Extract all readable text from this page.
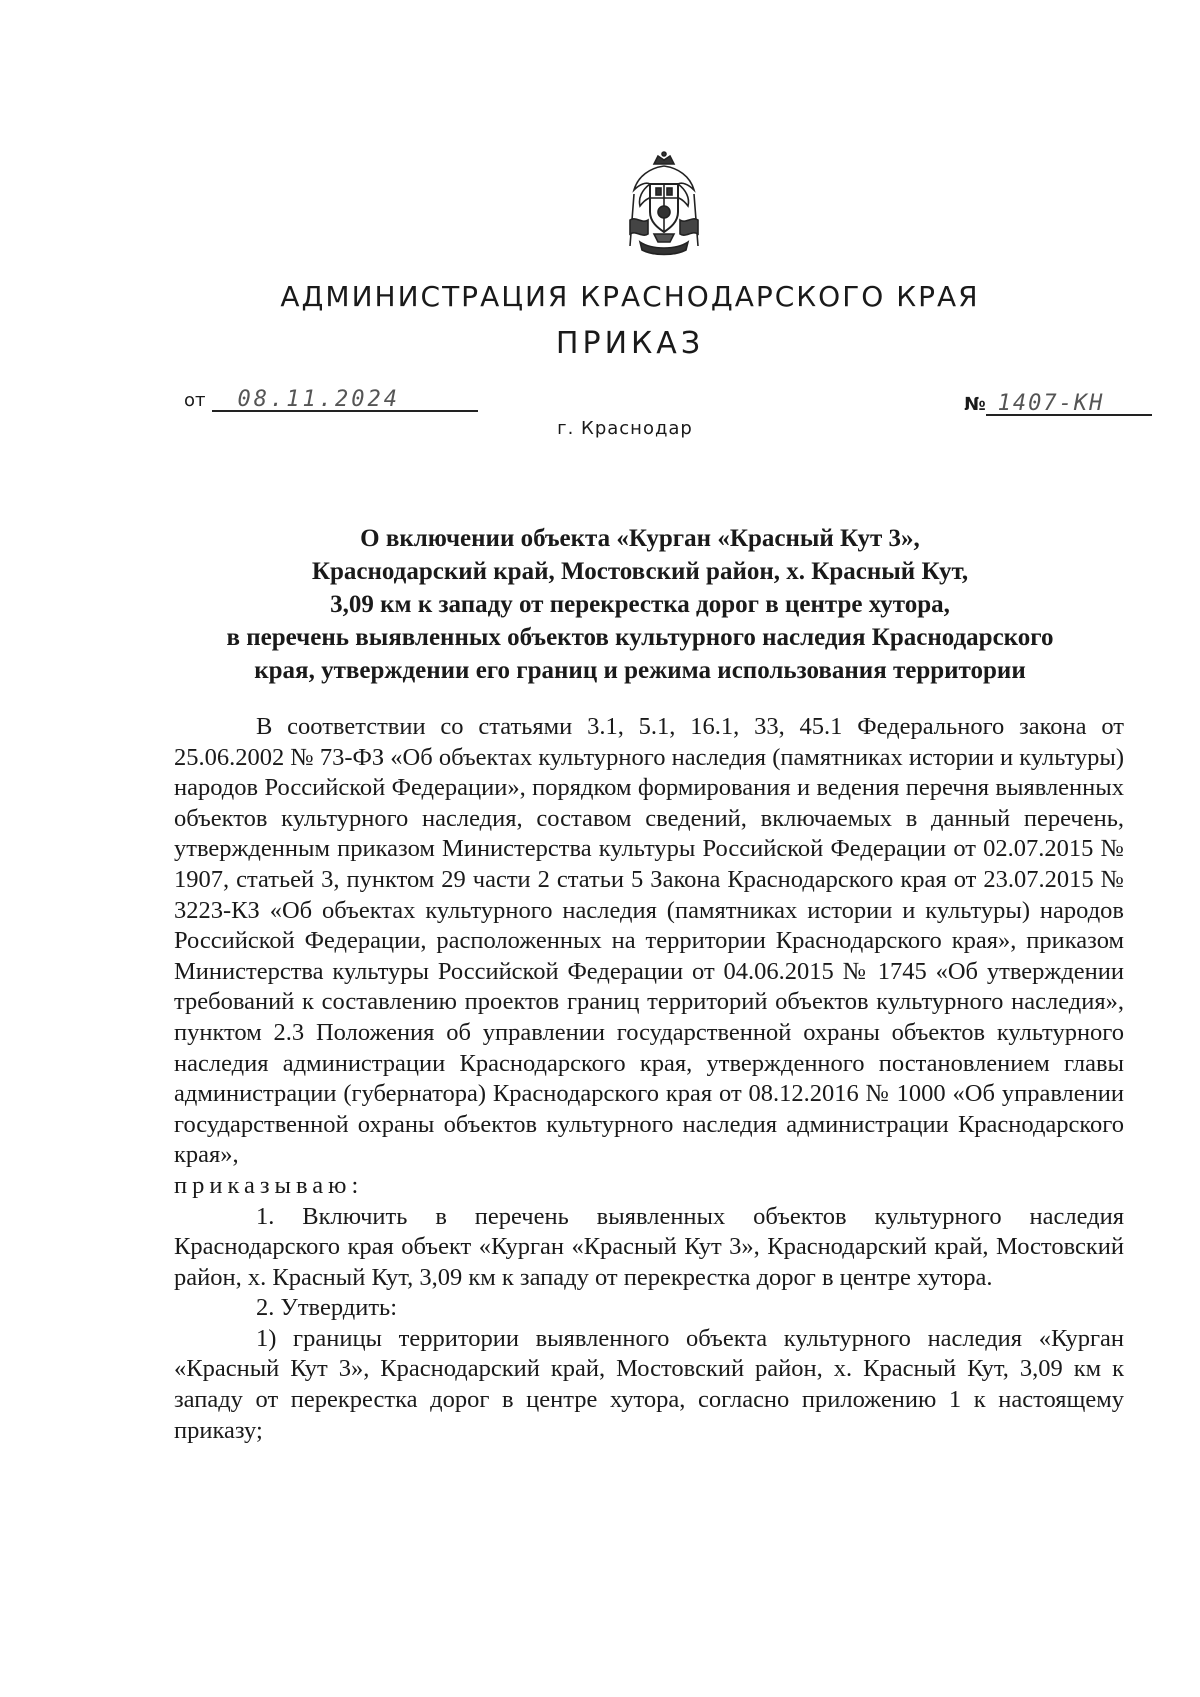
АДМИНИСТРАЦИЯ КРАСНОДАРСКОГО КРАЯ
ПРИКАЗ
от 08.11.2024	№ 1407-КН
г. Краснодар
О включении объекта «Курган «Красный Кут 3»,
Краснодарский край, Мостовский район, х. Красный Кут,
3,09 км к западу от перекрестка дорог в центре хутора,
в перечень выявленных объектов культурного наследия Краснодарского
края, утверждении его границ и режима использования территории

В соответствии со статьями 3.1, 5.1, 16.1, 33, 45.1 Федерального закона от 25.06.2002 № 73-ФЗ «Об объектах культурного наследия (памятниках истории и культуры) народов Российской Федерации», порядком формирования и ведения перечня выявленных объектов культурного наследия, составом сведений, включаемых в данный перечень, утвержденным приказом Министерства культуры Российской Федерации от 02.07.2015 № 1907, статьей 3, пунктом 29 части 2 статьи 5 Закона Краснодарского края от 23.07.2015 № 3223-КЗ «Об объектах культурного наследия (памятниках истории и культуры) народов Российской Федерации, расположенных на территории Краснодарского края», приказом Министерства культуры Российской Федерации от 04.06.2015 № 1745 «Об утверждении требований к составлению проектов границ территорий объектов культурного наследия», пунктом 2.3 Положения об управлении государственной охраны объектов культурного наследия администрации Краснодарского края, утвержденного постановлением главы администрации (губернатора) Краснодарского края от 08.12.2016 № 1000 «Об управлении государственной охраны объектов культурного наследия администрации Краснодарского края»,
приказываю:

1. Включить в перечень выявленных объектов культурного наследия Краснодарского края объект «Курган «Красный Кут 3», Краснодарский край, Мостовский район, х. Красный Кут, 3,09 км к западу от перекрестка дорог в центре хутора.

2. Утвердить:

1) границы территории выявленного объекта культурного наследия «Курган «Красный Кут 3», Краснодарский край, Мостовский район, х. Красный Кут, 3,09 км к западу от перекрестка дорог в центре хутора, согласно приложению 1 к настоящему приказу;
